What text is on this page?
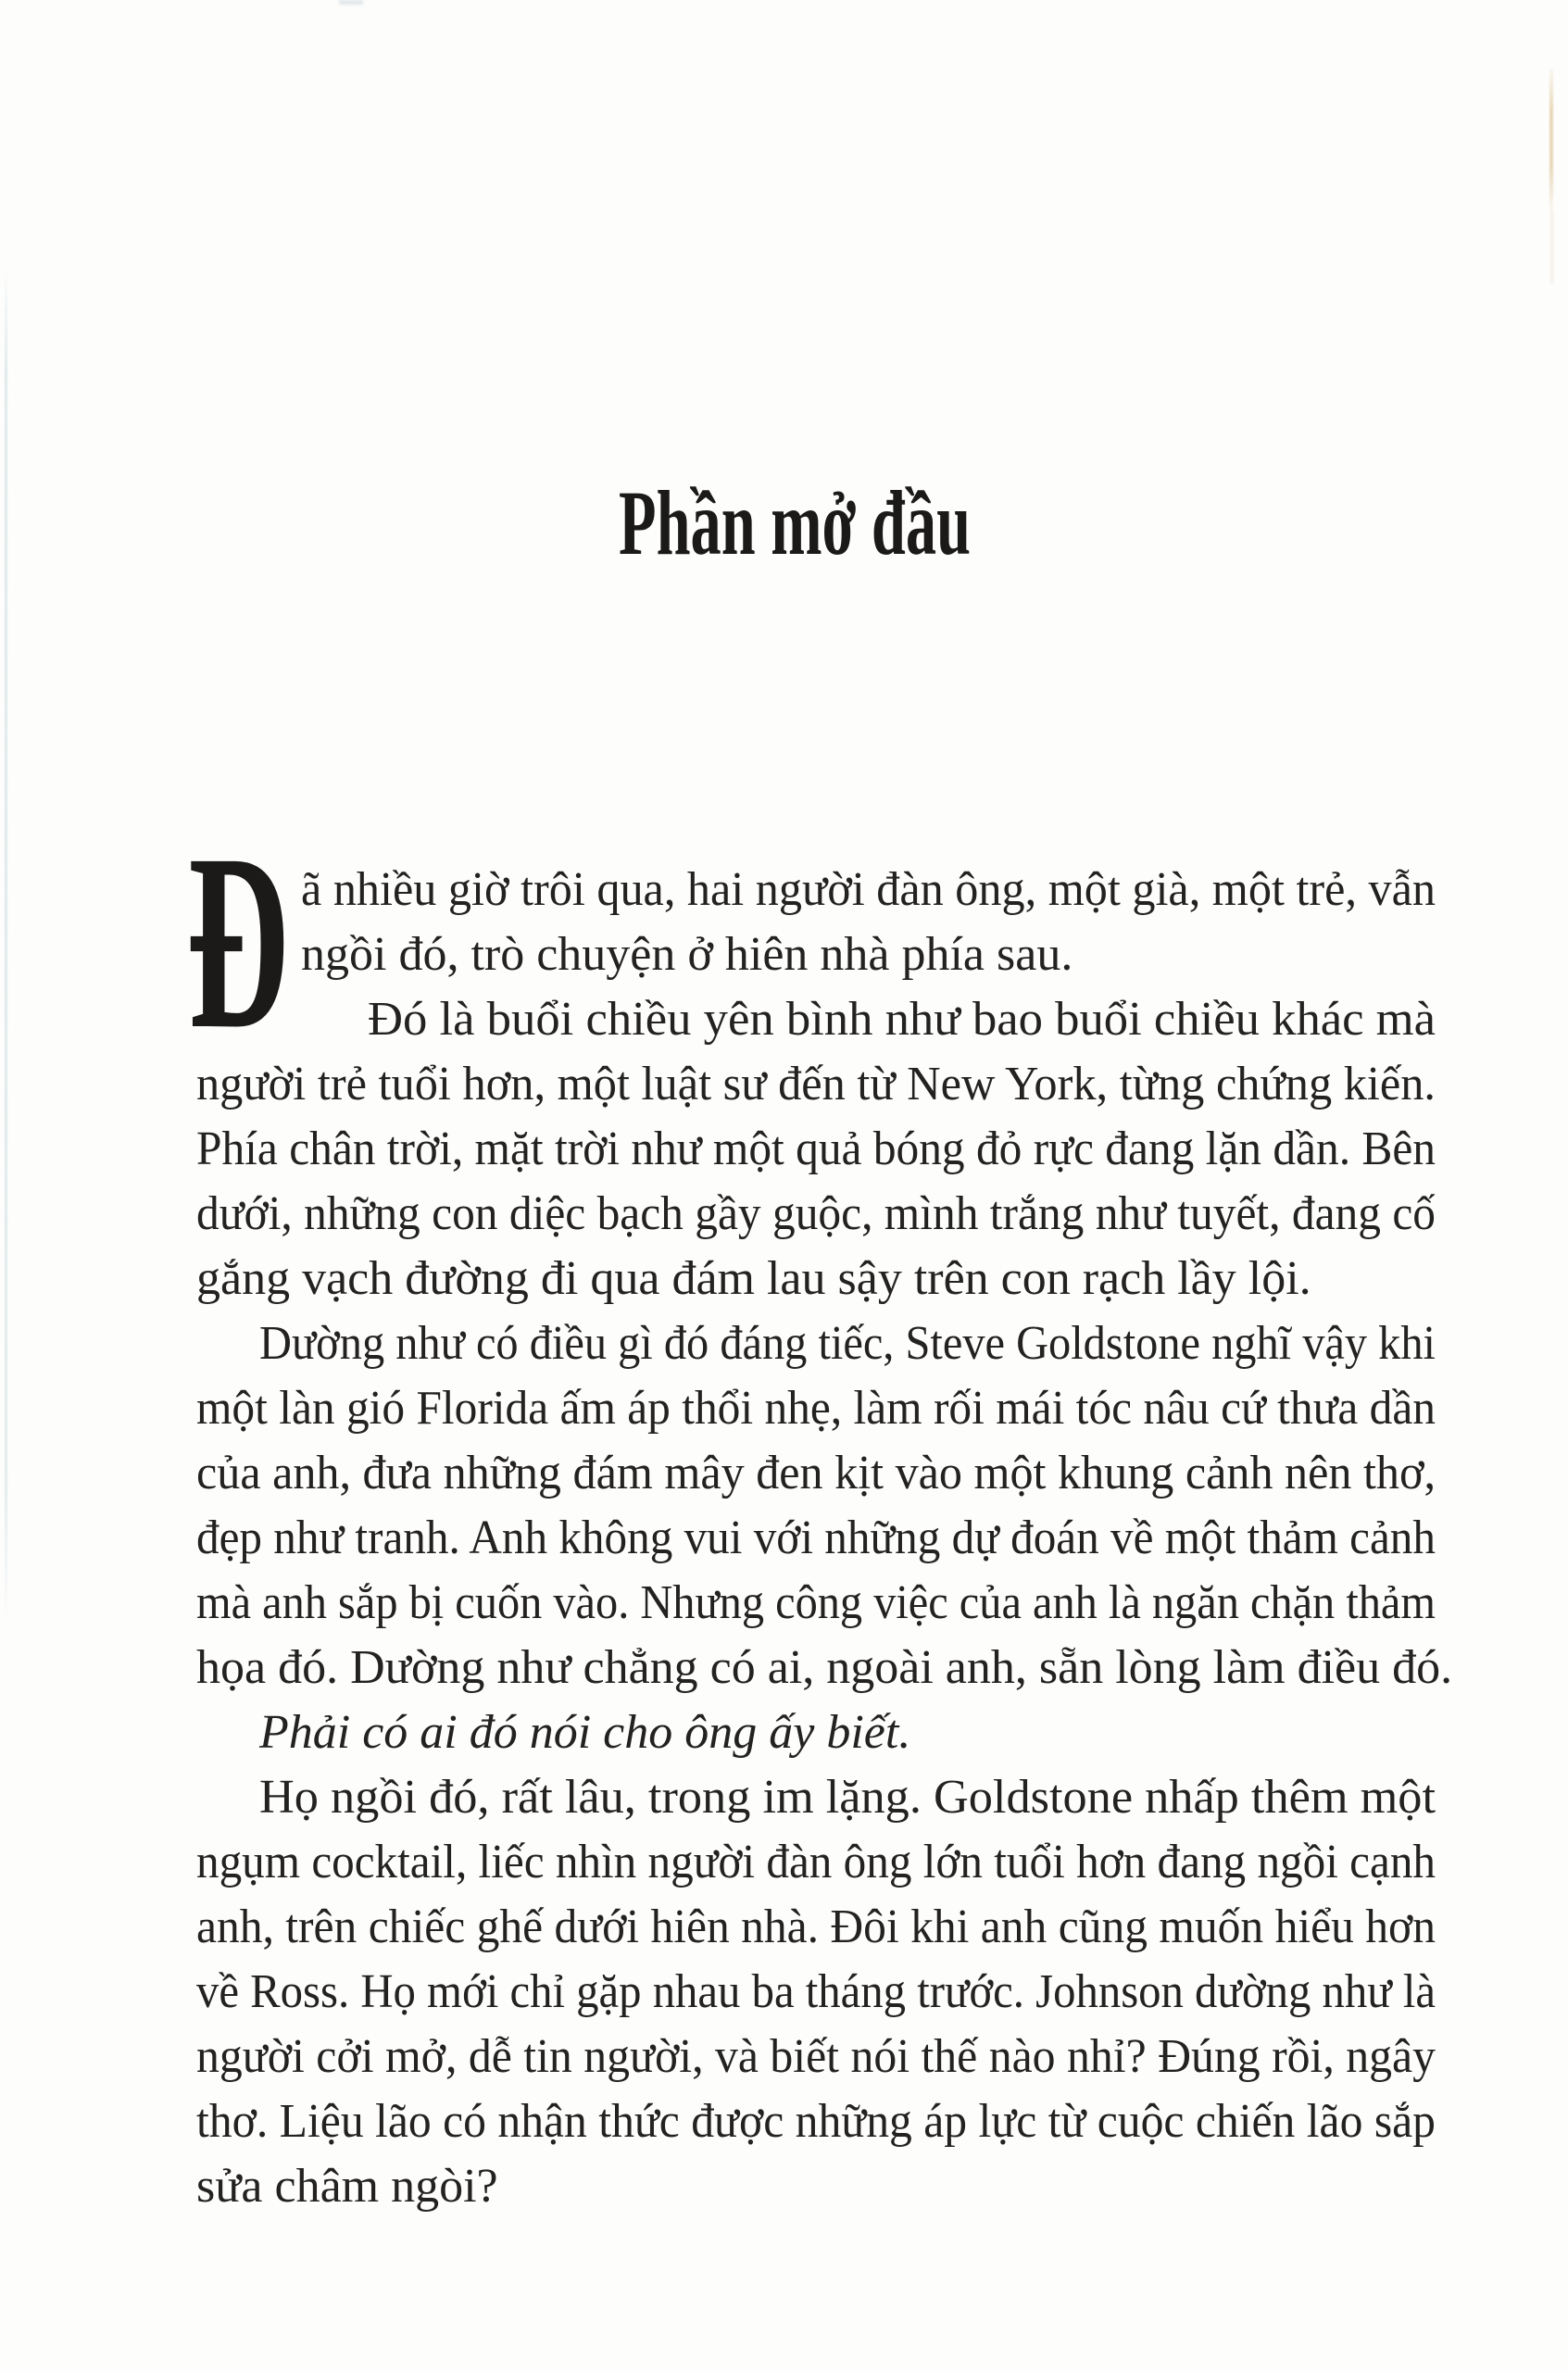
Phần mở đầu
Đ ã nhiều giờ trôi qua, hai người đàn ông, một già, một trẻ, vẫn
ngồi đó, trò chuyện ở hiên nhà phía sau.
Đó là buổi chiều yên bình như bao buổi chiều khác mà
người trẻ tuổi hơn, một luật sư đến từ New York, từng chứng kiến.
Phía chân trời, mặt trời như một quả bóng đỏ rực đang lặn dần. Bên
dưới, những con diệc bạch gầy guộc, mình trắng như tuyết, đang cố
gắng vạch đường đi qua đám lau sậy trên con rạch lầy lội.
Dường như có điều gì đó đáng tiếc, Steve Goldstone nghĩ vậy khi
một làn gió Florida ấm áp thổi nhẹ, làm rối mái tóc nâu cứ thưa dần
của anh, đưa những đám mây đen kịt vào một khung cảnh nên thơ,
đẹp như tranh. Anh không vui với những dự đoán về một thảm cảnh
mà anh sắp bị cuốn vào. Nhưng công việc của anh là ngăn chặn thảm
họa đó. Dường như chẳng có ai, ngoài anh, sẵn lòng làm điều đó.
Phải có ai đó nói cho ông ấy biết.
Họ ngồi đó, rất lâu, trong im lặng. Goldstone nhấp thêm một
ngụm cocktail, liếc nhìn người đàn ông lớn tuổi hơn đang ngồi cạnh
anh, trên chiếc ghế dưới hiên nhà. Đôi khi anh cũng muốn hiểu hơn
về Ross. Họ mới chỉ gặp nhau ba tháng trước. Johnson dường như là
người cởi mở, dễ tin người, và biết nói thế nào nhỉ? Đúng rồi, ngây
thơ. Liệu lão có nhận thức được những áp lực từ cuộc chiến lão sắp
sửa châm ngòi?
